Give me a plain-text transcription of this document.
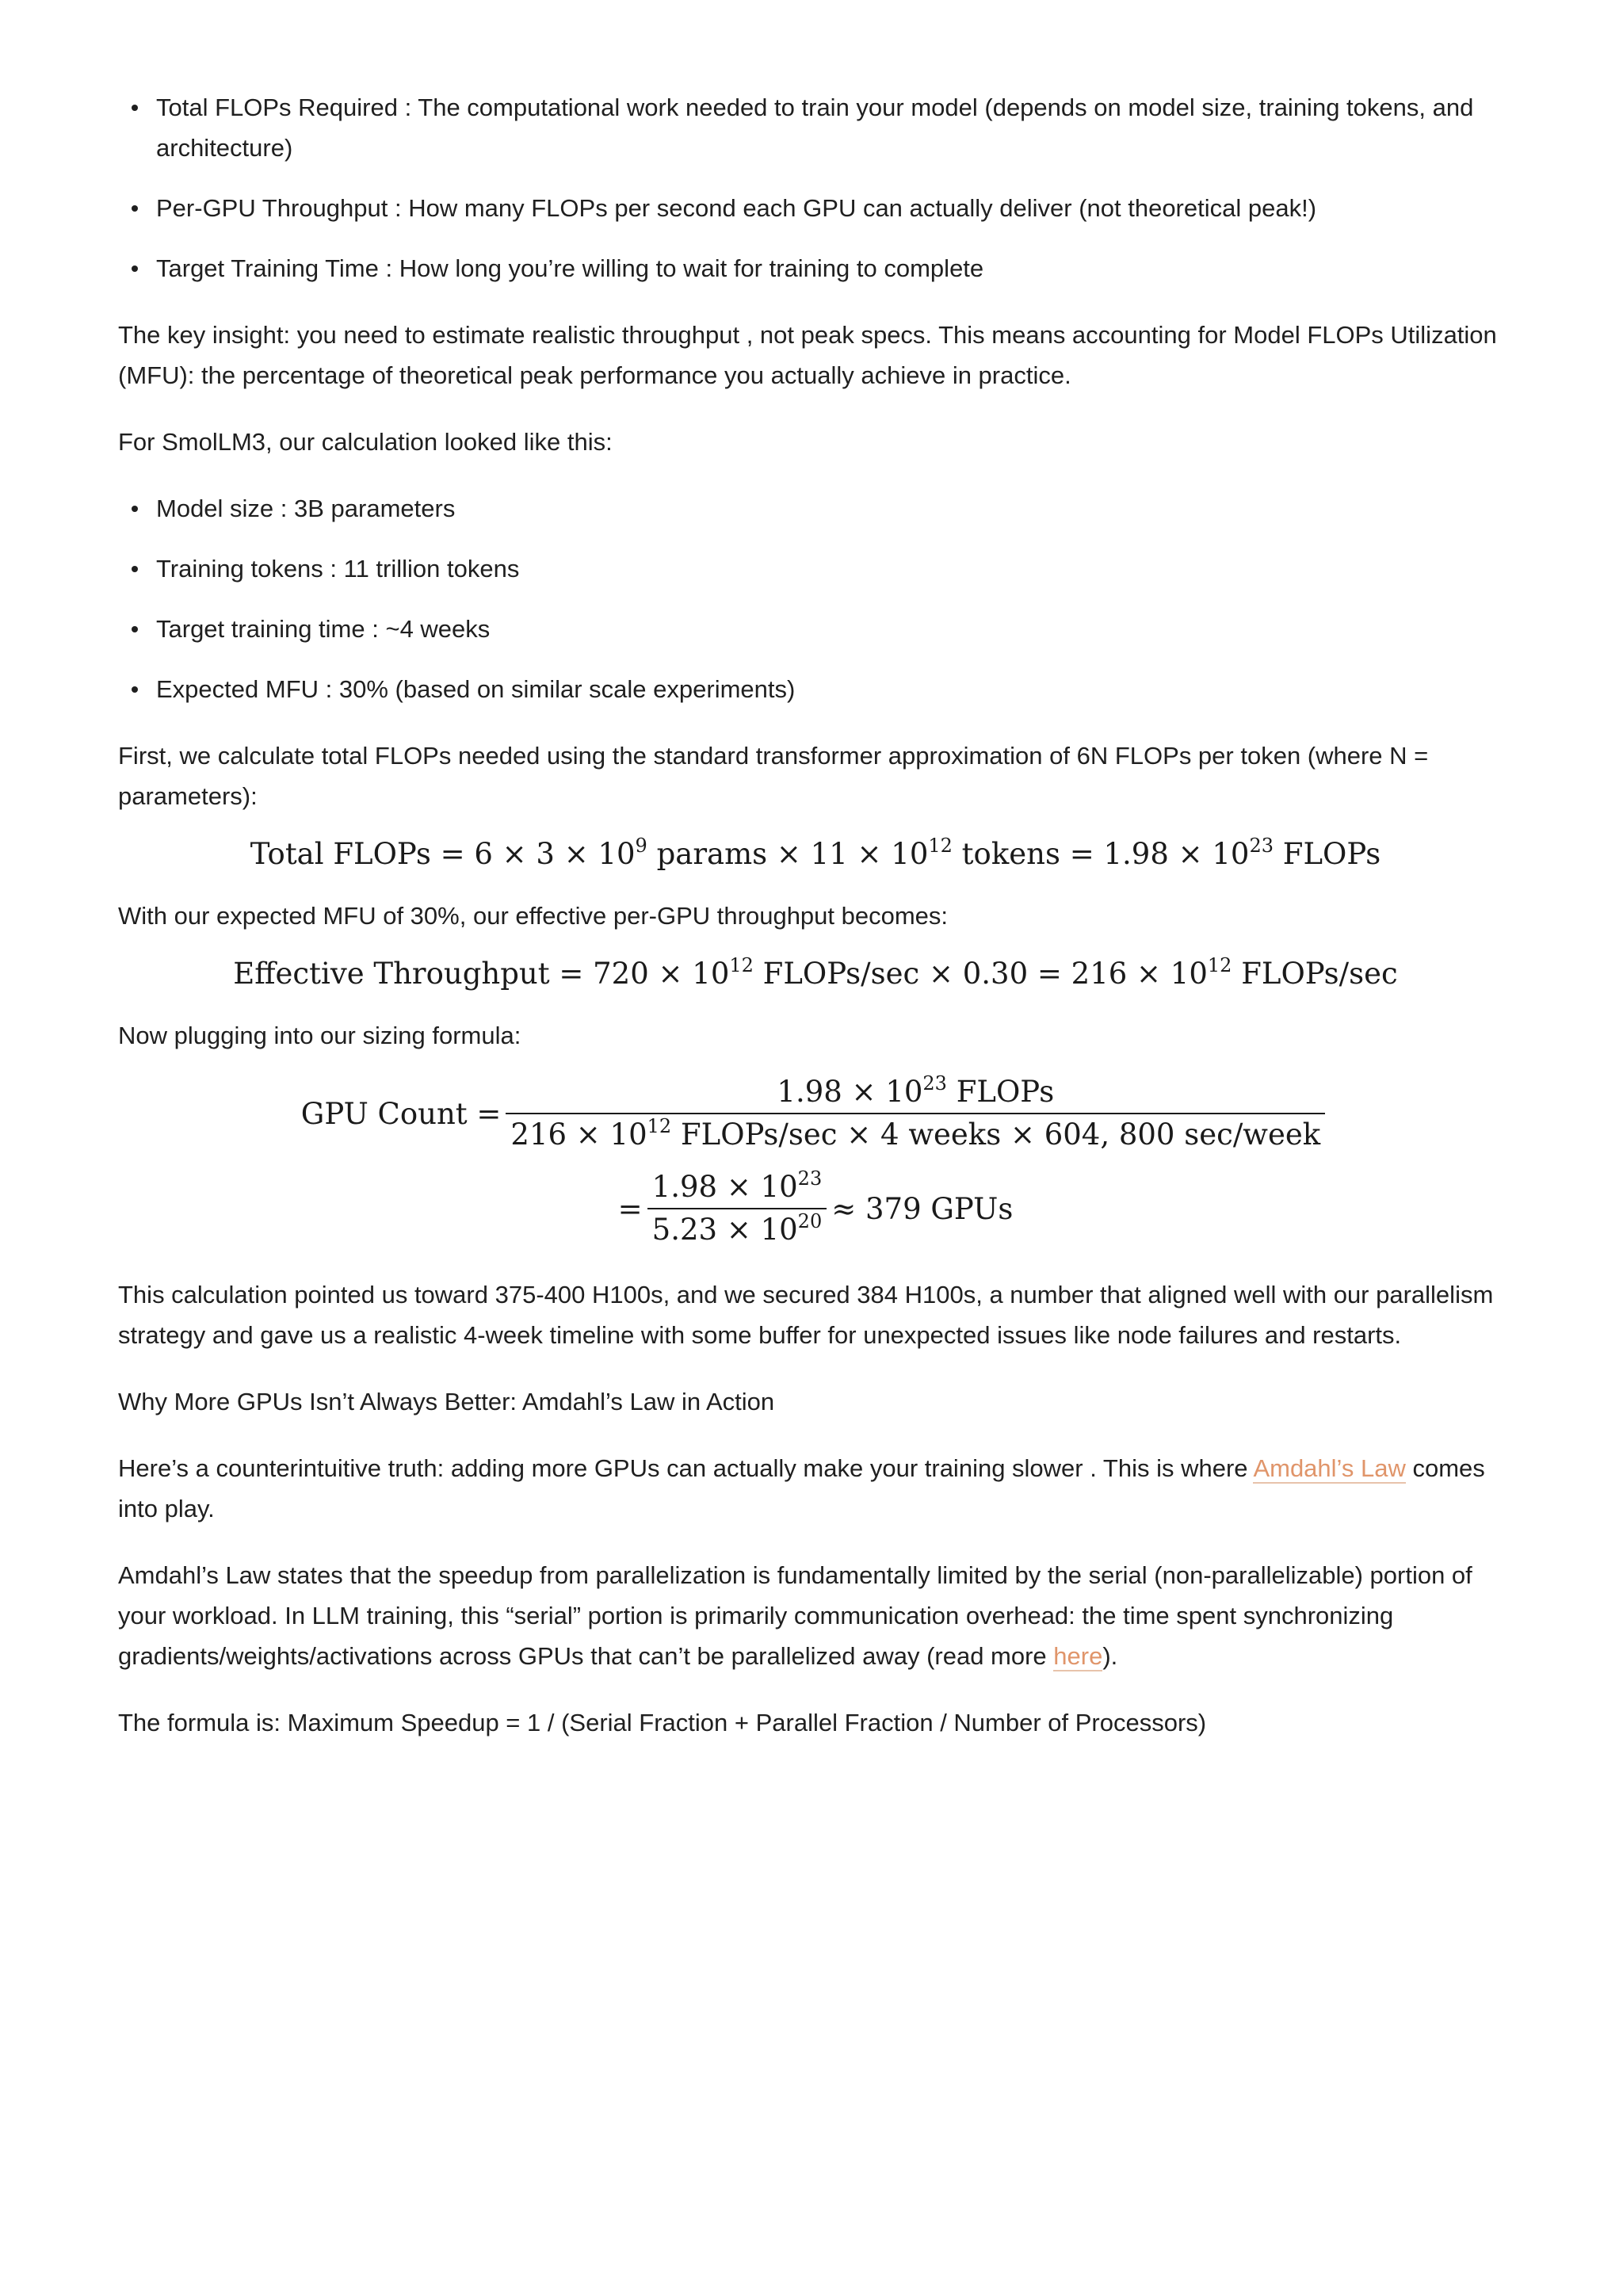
Total FLOPs Required : The computational work needed to train your model (depends on model size, training tokens, and architecture)
Per-GPU Throughput : How many FLOPs per second each GPU can actually deliver (not theoretical peak!)
Target Training Time : How long you’re willing to wait for training to complete

The key insight: you need to estimate realistic throughput , not peak specs. This means accounting for Model FLOPs Utilization (MFU): the percentage of theoretical peak performance you actually achieve in practice.

For SmolLM3, our calculation looked like this:

Model size : 3B parameters
Training tokens : 11 trillion tokens
Target training time : ~4 weeks
Expected MFU : 30% (based on similar scale experiments)

First, we calculate total FLOPs needed using the standard transformer approximation of 6N FLOPs per token (where N = parameters):

Total FLOPs = $6 \times 3 \times 10^9$ params × $11 \times 10^{12}$ tokens = $1.98 \times 10^{23}$ FLOPs

With our expected MFU of 30%, our effective per-GPU throughput becomes:

Effective Throughput = $720 \times 10^{12}$ FLOPs/sec × $0.30 = 216 \times 10^{12}$ FLOPs/sec

Now plugging into our sizing formula:

GPU Count = $\frac{1.98 \times 10^{23} FLOPs}{216 \times 10^{12} FLOPs/\sec \times 4 weeks \times 604, 800 \sec/week}$
= $\frac{1.98 \times 10^{23}}{5.23 \times 10^{20}} \approx 379$ GPUs

This calculation pointed us toward 375-400 H100s, and we secured 384 H100s, a number that aligned well with our parallelism strategy and gave us a realistic 4-week timeline with some buffer for unexpected issues like node failures and restarts.

Why More GPUs Isn’t Always Better: Amdahl’s Law in Action

Here’s a counterintuitive truth: adding more GPUs can actually make your training slower . This is where Amdahl’s Law comes into play.

Amdahl’s Law states that the speedup from parallelization is fundamentally limited by the serial (non-parallelizable) portion of your workload. In LLM training, this “serial” portion is primarily communication overhead: the time spent synchronizing gradients/weights/activations across GPUs that can’t be parallelized away (read more here).

The formula is: Maximum Speedup = 1 / (Serial Fraction + Parallel Fraction / Number of Processors)
